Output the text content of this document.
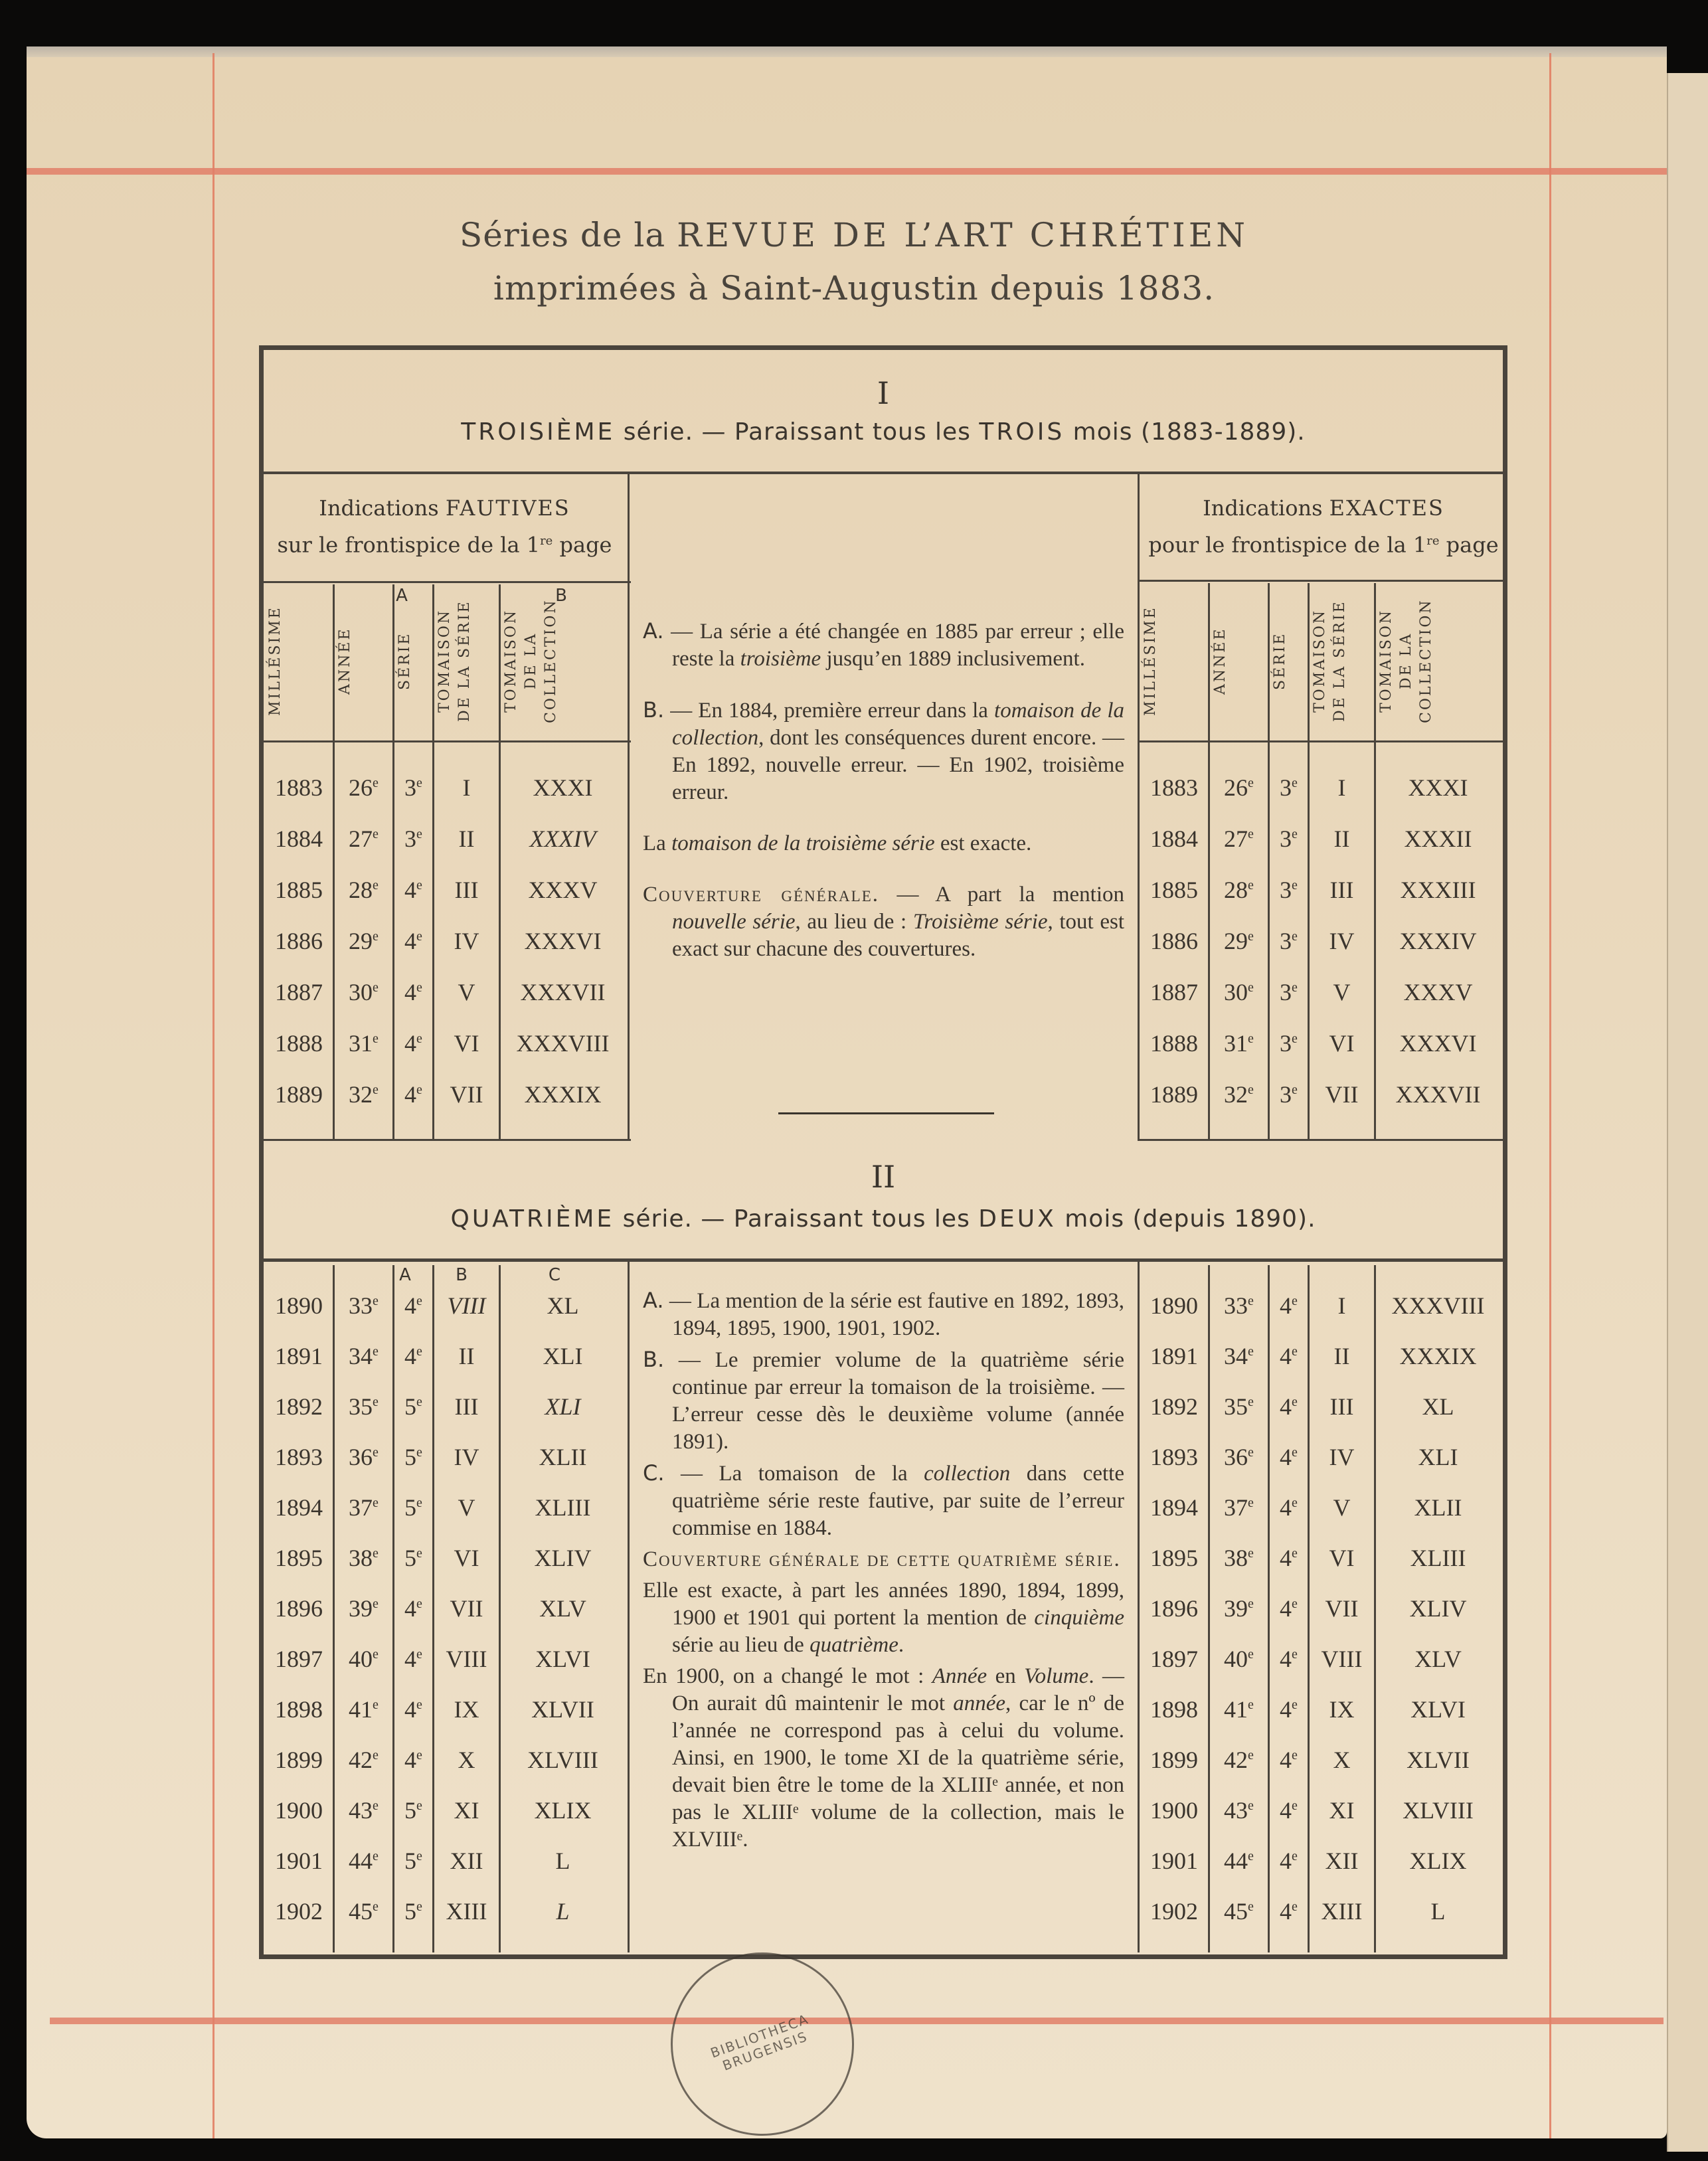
Séries de la REVUE DE L’ART CHRÉTIEN
imprimées à Saint-Augustin depuis 1883.
I
TROISIÈME série. — Paraissant tous les TROIS mois (1883-1889).
Indications FAUTIVES
sur le frontispice de la 1re page
Indications EXACTES
pour le frontispice de la 1re page
MILLÉSIME	ANNÉE	SÉRIE	TOMAISON DE LA SÉRIE	TOMAISON DE LA COLLECTION	MILLÉSIME	ANNÉE	SÉRIE	TOMAISON DE LA SÉRIE	TOMAISON DE LA COLLECTION
A	B
1883	26e	3e	I	XXXI
1884	27e	3e	II	XXXIV
1885	28e	4e	III	XXXV
1886	29e	4e	IV	XXXVI
1887	30e	4e	V	XXXVII
1888	31e	4e	VI	XXXVIII
1889	32e	4e	VII	XXXIX
1883	26e	3e	I	XXXI
1884	27e	3e	II	XXXII
1885	28e	3e	III	XXXIII
1886	29e	3e	IV	XXXIV
1887	30e	3e	V	XXXV
1888	31e	3e	VI	XXXVI
1889	32e	3e	VII	XXXVII

A. — La série a été changée en 1885 par erreur ; elle reste la troisième jusqu’en 1889 inclusivement.

B. — En 1884, première erreur dans la tomaison de la collection, dont les conséquences durent encore. — En 1892, nouvelle erreur. — En 1902, troisième erreur.

La tomaison de la troisième série est exacte.

Couverture générale. — A part la mention nouvelle série, au lieu de : Troisième série, tout est exact sur chacune des couvertures.

II
QUATRIÈME série. — Paraissant tous les DEUX mois (depuis 1890).
A	B	C
1890	33e	4e	VIII	XL
1891	34e	4e	II	XLI
1892	35e	5e	III	XLI
1893	36e	5e	IV	XLII
1894	37e	5e	V	XLIII
1895	38e	5e	VI	XLIV
1896	39e	4e	VII	XLV
1897	40e	4e VIII	XLVI
1898	41e	4e	IX	XLVII
1899	42e	4e	X	XLVIII
1900	43e	5e	XI	XLIX
1901	44e	5e	XII	L
1902	45e	5e XIII	L
1890	33e	4e	I	XXXVIII
1891	34e	4e	II	XXXIX
1892	35e	4e	III	XL
1893	36e	4e	IV	XLI
1894	37e	4e	V	XLII
1895	38e	4e	VI	XLIII
1896	39e	4e	VII	XLIV
1897	40e	4e VIII	XLV
1898	41e	4e	IX	XLVI
1899	42e	4e	X	XLVII
1900	43e	4e	XI	XLVIII
1901	44e	4e	XII	XLIX
1902	45e	4e XIII	L

A. — La mention de la série est fautive en 1892, 1893, 1894, 1895, 1900, 1901, 1902.

B. — Le premier volume de la quatrième série continue par erreur la tomaison de la troisième. — L’erreur cesse dès le deuxième volume (année 1891).

C. — La tomaison de la collection dans cette quatrième série reste fautive, par suite de l’erreur commise en 1884.

Couverture générale de cette quatrième série.

Elle est exacte, à part les années 1890, 1894, 1899, 1900 et 1901 qui portent la mention de cinquième série au lieu de quatrième.

En 1900, on a changé le mot : Année en Volume. — On aurait dû maintenir le mot année, car le nº de l’année ne correspond pas à celui du volume. Ainsi, en 1900, le tome XI de la quatrième série, devait bien être le tome de la XLIIIᵉ année, et non pas le XLIIIᵉ volume de la collection, mais le XLVIIIᵉ.

BIBLIOTHECA BRUGENSIS
